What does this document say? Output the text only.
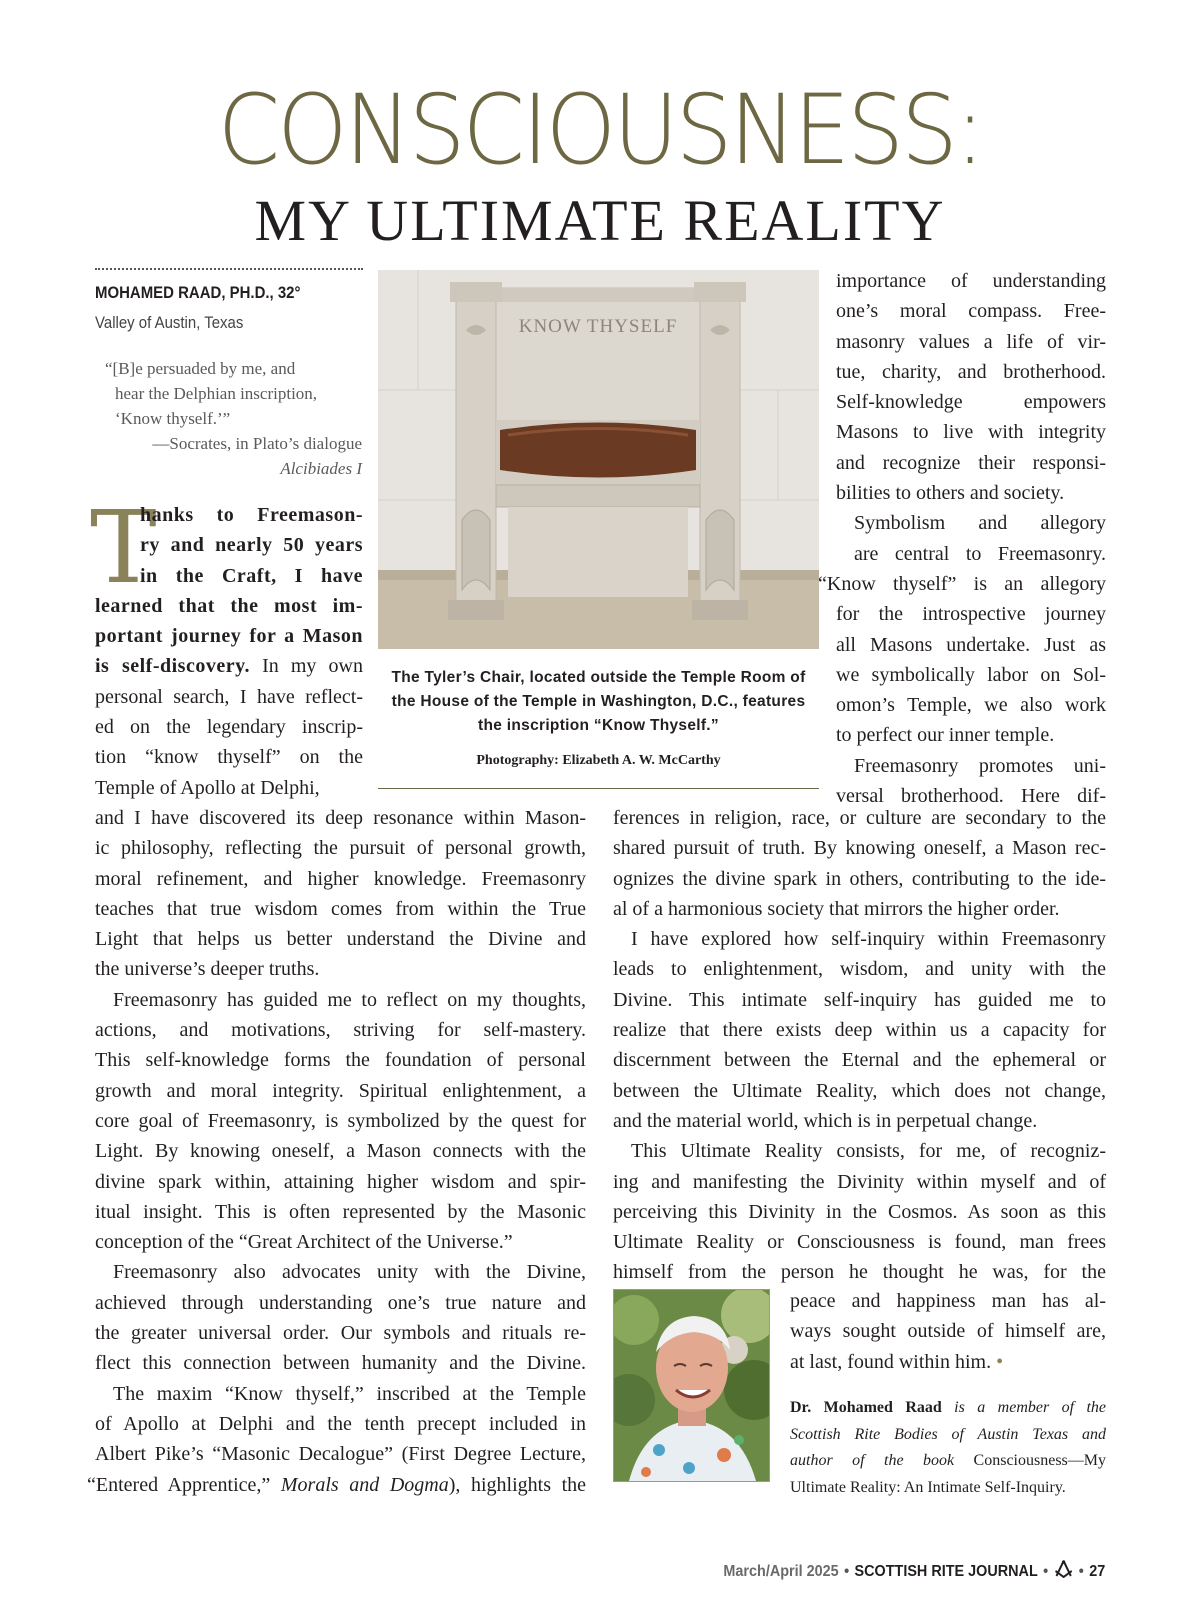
CONSCIOUSNESS:
MY ULTIMATE REALITY
MOHAMED RAAD, PH.D., 32°
Valley of Austin, Texas
“[B]e persuaded by me, and
hear the Delphian inscription,
‘Know thyself.’”
—Socrates, in Plato’s dialogue
Alcibiades I
T
hanks to Freemason-
ry and nearly 50 years
in the Craft, I have
learned that the most im-
portant journey for a Mason
is self-discovery. In my own
personal search, I have reflect-
ed on the legendary inscrip-
tion “know thyself” on the
Temple of Apollo at Delphi,
KNOW THYSELF
The Tyler’s Chair, located outside the Temple Room of
the House of the Temple in Washington, D.C., features
the inscription “Know Thyself.”
Photography: Elizabeth A. W. McCarthy
importance of understanding
one’s moral compass. Free-
masonry values a life of vir-
tue, charity, and brotherhood.
Self-knowledge empowers
Masons to live with integrity
and recognize their responsi-
bilities to others and society.
Symbolism and allegory
are central to Freemasonry.
“Know thyself” is an allegory
for the introspective journey
all Masons undertake. Just as
we symbolically labor on Sol-
omon’s Temple, we also work
to perfect our inner temple.
Freemasonry promotes uni-
versal brotherhood. Here dif-
and I have discovered its deep resonance within Mason-
ic philosophy, reflecting the pursuit of personal growth,
moral refinement, and higher knowledge. Freemasonry
teaches that true wisdom comes from within the True
Light that helps us better understand the Divine and
the universe’s deeper truths.
Freemasonry has guided me to reflect on my thoughts,
actions, and motivations, striving for self-mastery.
This self-knowledge forms the foundation of personal
growth and moral integrity. Spiritual enlightenment, a
core goal of Freemasonry, is symbolized by the quest for
Light. By knowing oneself, a Mason connects with the
divine spark within, attaining higher wisdom and spir-
itual insight. This is often represented by the Masonic
conception of the “Great Architect of the Universe.”
Freemasonry also advocates unity with the Divine,
achieved through understanding one’s true nature and
the greater universal order. Our symbols and rituals re-
flect this connection between humanity and the Divine.
The maxim “Know thyself,” inscribed at the Temple
of Apollo at Delphi and the tenth precept included in
Albert Pike’s “Masonic Decalogue” (First Degree Lecture,
“Entered Apprentice,” Morals and Dogma), highlights the
ferences in religion, race, or culture are secondary to the
shared pursuit of truth. By knowing oneself, a Mason rec-
ognizes the divine spark in others, contributing to the ide-
al of a harmonious society that mirrors the higher order.
I have explored how self-inquiry within Freemasonry
leads to enlightenment, wisdom, and unity with the
Divine. This intimate self-inquiry has guided me to
realize that there exists deep within us a capacity for
discernment between the Eternal and the ephemeral or
between the Ultimate Reality, which does not change,
and the material world, which is in perpetual change.
This Ultimate Reality consists, for me, of recogniz-
ing and manifesting the Divinity within myself and of
perceiving this Divinity in the Cosmos. As soon as this
Ultimate Reality or Consciousness is found, man frees
himself from the person he thought he was, for the
peace and happiness man has al-
ways sought outside of himself are,
at last, found within him. •
Dr. Mohamed Raad is a member of the
Scottish Rite Bodies of Austin Texas and
author of the book Consciousness—My
Ultimate Reality: An Intimate Self-Inquiry.
March/April 2025 • SCOTTISH RITE JOURNAL • • 27
